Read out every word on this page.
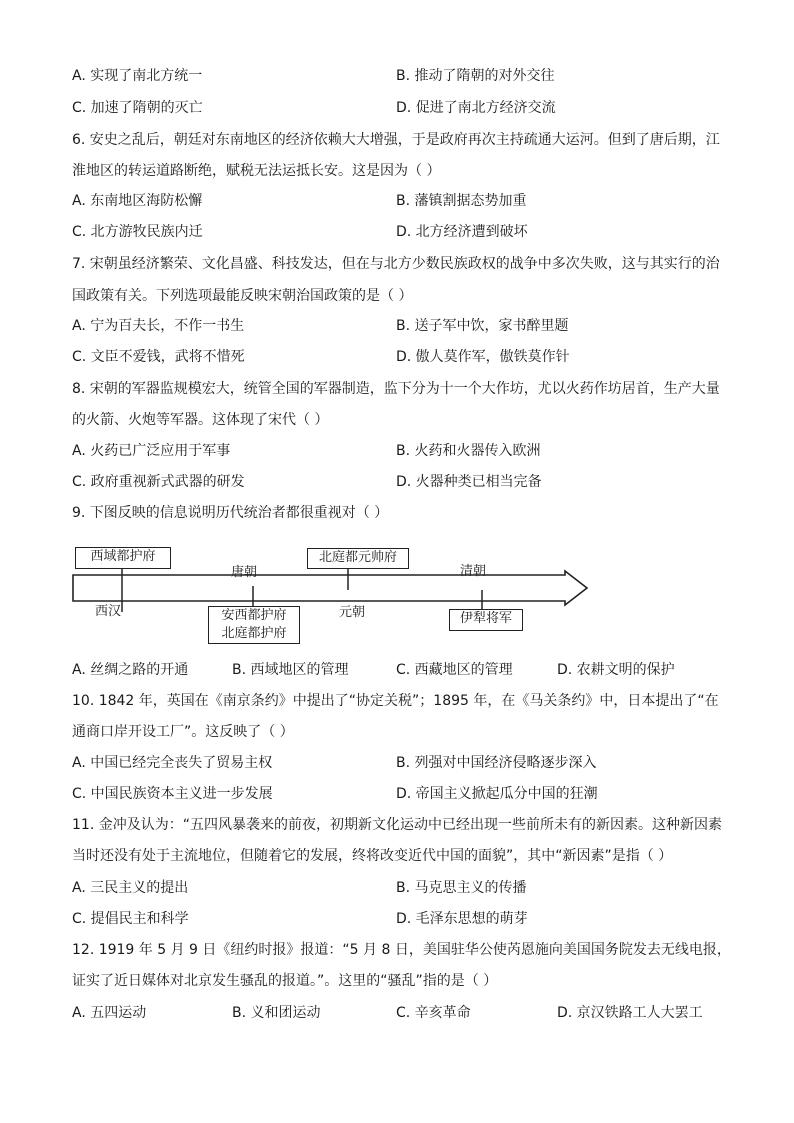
A. 实现了南北方统一	B. 推动了隋朝的对外交往
C. 加速了隋朝的灭亡	D. 促进了南北方经济交流
6. 安史之乱后，朝廷对东南地区的经济依赖大大增强，于是政府再次主持疏通大运河。但到了唐后期，江
淮地区的转运道路断绝，赋税无法运抵长安。这是因为（ ）
A. 东南地区海防松懈	B. 藩镇割据态势加重
C. 北方游牧民族内迁	D. 北方经济遭到破坏
7. 宋朝虽经济繁荣、文化昌盛、科技发达，但在与北方少数民族政权的战争中多次失败，这与其实行的治
国政策有关。下列选项最能反映宋朝治国政策的是（ ）
A. 宁为百夫长，不作一书生	B. 送子军中饮，家书醉里题
C. 文臣不爱钱，武将不惜死	D. 傲人莫作军，傲铁莫作针
8. 宋朝的军器监规模宏大，统管全国的军器制造，监下分为十一个大作坊，尤以火药作坊居首，生产大量
的火箭、火炮等军器。这体现了宋代（ ）
A. 火药已广泛应用于军事	B. 火药和火器传入欧洲
C. 政府重视新式武器的研发	D. 火器种类已相当完备
9. 下图反映的信息说明历代统治者都很重视对（ ）
西域都护府
西汉
唐朝
安西都护府
北庭都护府
北庭都元帅府
元朝
清朝
伊犁将军
A. 丝绸之路的开通	B. 西域地区的管理	C. 西藏地区的管理	D. 农耕文明的保护
10. 1842 年，英国在《南京条约》中提出了“协定关税”；1895 年，在《马关条约》中，日本提出了“在
通商口岸开设工厂”。这反映了（ ）
A. 中国已经完全丧失了贸易主权	B. 列强对中国经济侵略逐步深入
C. 中国民族资本主义进一步发展	D. 帝国主义掀起瓜分中国的狂潮
11. 金冲及认为：“五四风暴袭来的前夜，初期新文化运动中已经出现一些前所未有的新因素。这种新因素
当时还没有处于主流地位，但随着它的发展，终将改变近代中国的面貌”，其中“新因素”是指（ ）
A. 三民主义的提出	B. 马克思主义的传播
C. 提倡民主和科学	D. 毛泽东思想的萌芽
12. 1919 年 5 月 9 日《纽约时报》报道：“5 月 8 日，美国驻华公使芮恩施向美国国务院发去无线电报，
证实了近日媒体对北京发生骚乱的报道。”。这里的“骚乱”指的是（ ）
A. 五四运动	B. 义和团运动	C. 辛亥革命	D. 京汉铁路工人大罢工
